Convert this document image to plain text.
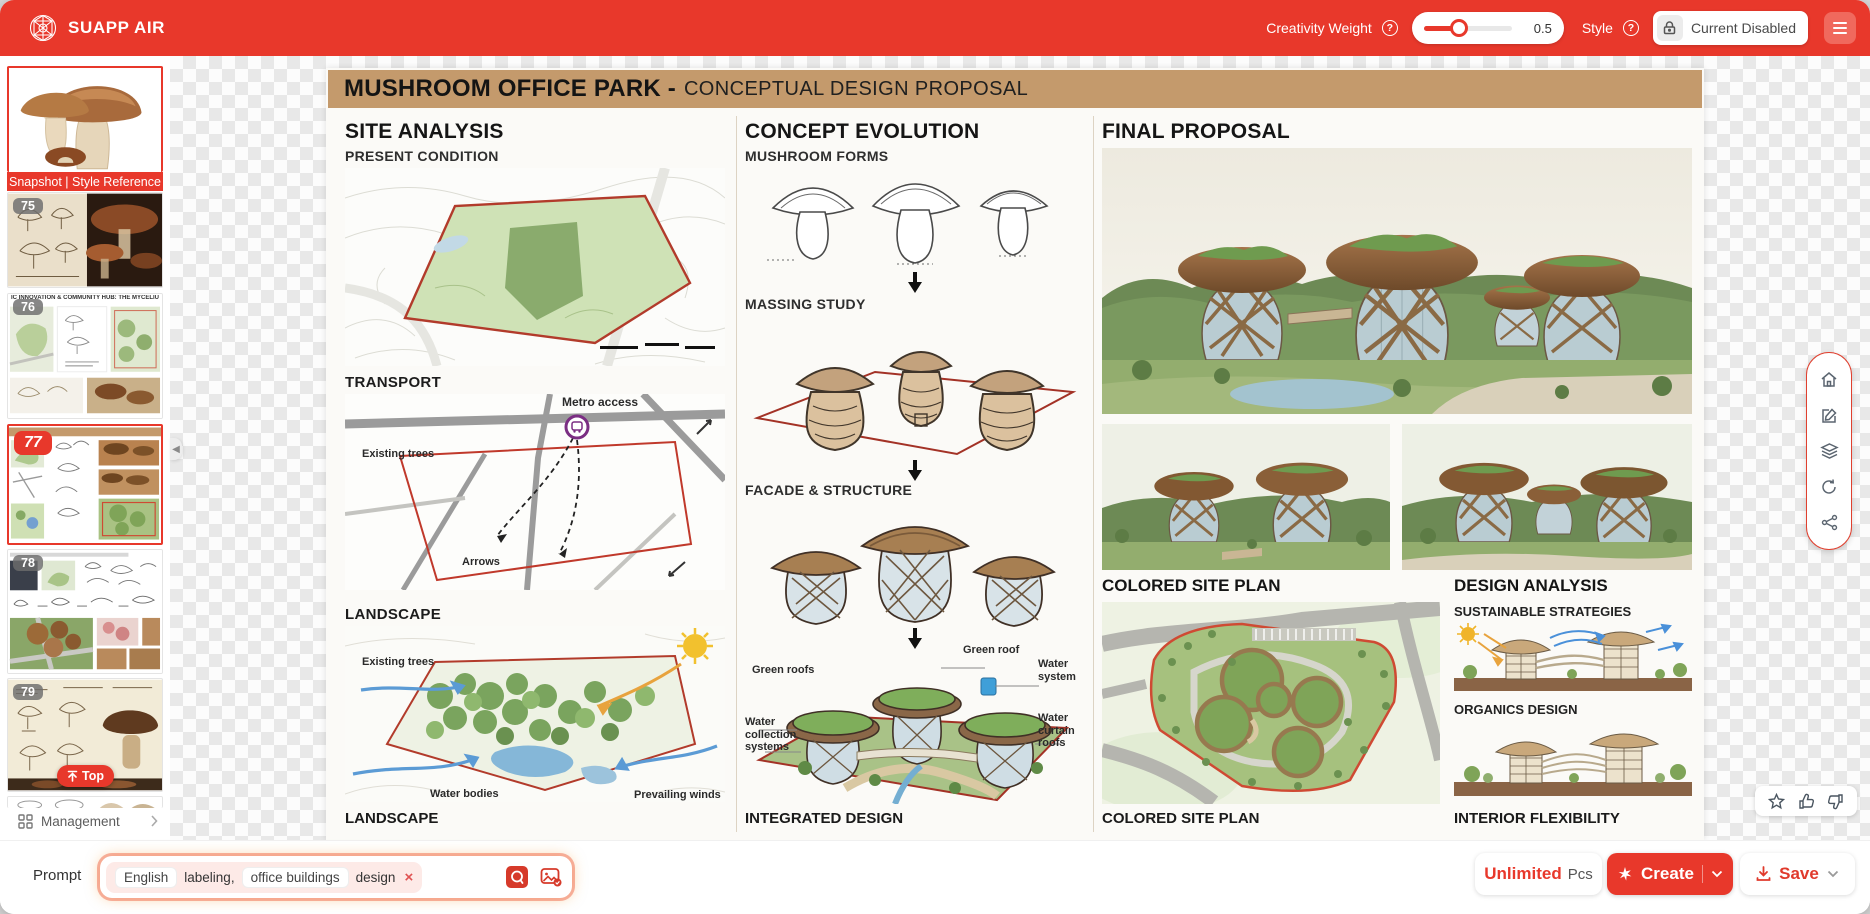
SUAPP AIR	Creativity Weight	?	0.5 Style	?	Current Disabled
Snapshot | Style Reference
75
76
IC INNOVATION & COMMUNITY HUB: THE MYCELIU
77
78
79
Top
Management
◀
MUSHROOM OFFICE PARK - CONCEPTUAL DESIGN PROPOSAL
SITE ANALYSIS
PRESENT CONDITION
TRANSPORT
Metro access
Existing trees
Arrows
LANDSCAPE
Existing trees
Water bodies	Prevailing winds
LANDSCAPE
CONCEPT EVOLUTION
MUSHROOM FORMS
MASSING STUDY
FACADE & STRUCTURE
Green roofs
Green roof
Water system
Water collection systems
Water curtain roofs
INTEGRATED DESIGN
FINAL PROPOSAL
COLORED SITE PLAN	DESIGN ANALYSIS
SUSTAINABLE STRATEGIES
ORGANICS DESIGN
COLORED SITE PLAN	INTERIOR FLEXIBILITY
Prompt	English	labeling,	office buildings	design ×	Unlimited Pcs	Create	Save
